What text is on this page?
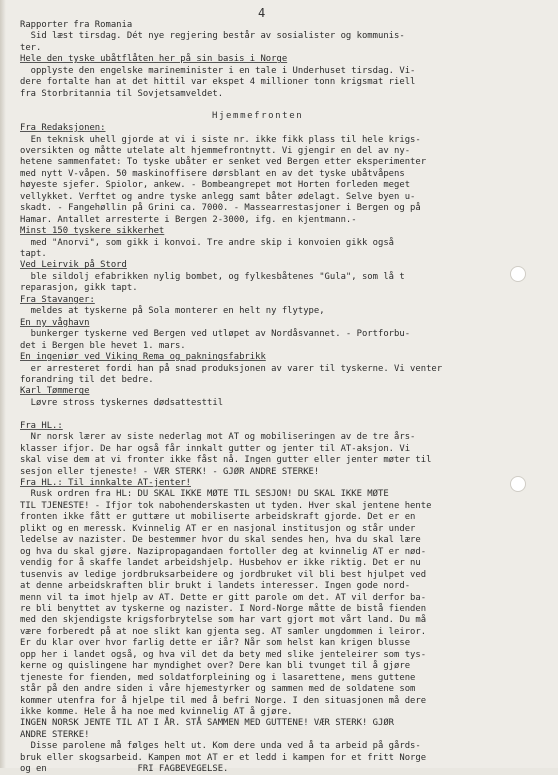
4
Hjemmefronten
Rapporter fra Romania
Sid læst tirsdag. Dét nye regjering består av sosialister og kommunis-
ter.
Hele den tyske ubåtflåten her på sin basis i Norge
opplyste den engelske marineminister i en tale i Underhuset tirsdag. Vi-
dere fortalte han at det hittil var ekspet 4 millioner tonn krigsmat riell
fra Storbritannia til Sovjetsamveldet.
Fra Redaksjonen:
En teknisk uhell gjorde at vi i siste nr. ikke fikk plass til hele krigs-
oversikten og måtte utelate alt hjemmefrontnytt. Vi gjengir en del av ny-
hetene sammenfatet: To tyske ubåter er senket ved Bergen etter eksperimenter
med nytt V-våpen. 50 maskinoffisere dørsblant en av det tyske ubåtvåpens
høyeste sjefer. Spiolor, ankew. - Bombeangrepet mot Horten forleden meget
vellykket. Verftet og andre tyske anlegg samt båter ødelagt. Selve byen u-
skadt. - Fangehøllin på Grini ca. 7000. - Massearrestasjoner i Bergen og på
Hamar. Antallet arresterte i Bergen 2-3000, ifg. en kjentmann.-
Minst 150 tyskere sikkerhet
med "Anorvi", som gikk i konvoi. Tre andre skip i konvoien gikk også
tapt.
Ved Leirvik på Stord
ble sildolj efabrikken nylig bombet, og fylkesbåtenes "Gula", som lå t
reparasjon, gikk tapt.
Fra Stavanger:
meldes at tyskerne på Sola monterer en helt ny flytype,
En ny våghavn
bunkerger tyskerne ved Bergen ved utløpet av Nordåsvannet. - Portforbu-
det i Bergen ble hevet 1. mars.
En ingeniør ved Viking Rema og pakningsfabrikk
er arresteret fordi han på snad produksjonen av varer til tyskerne. Vi venter
forandring til det bedre.
Karl Tømmerge
Løvre stross tyskernes dødsattesttil
Fra HL.:
Nr norsk lærer av siste nederlag mot AT og mobiliseringen av de tre års-
klasser ifjor. De har også får innkalt gutter og jenter til AT-aksjon. Vi
skal vise dem at vi fronter ikke fåst nå. Ingen gutter eller jenter møter til
sesjon eller tjeneste! - VÆR STERK! - GJØR ANDRE STERKE!
Fra HL.: Til innkalte AT-jenter!
Rusk ordren fra HL: DU SKAL IKKE MØTE TIL SESJON! DU SKAL IKKE MØTE
TIL TJENESTE! - Ifjor tok nabohenderskasten ut tyden. Hver skal jentene hente
fronten ikke fått er guttære ut mobiliserte arbeidskraft gjorde. Det er en
plikt og en meressk. Kvinnelig AT er en nasjonal institusjon og står under
ledelse av nazister. De bestemmer hvor du skal sendes hen, hva du skal lære
og hva du skal gjøre. Nazipropagandaen fortoller deg at kvinnelig AT er nød-
vendig for å skaffe landet arbeidshjelp. Husbehov er ikke riktig. Det er nu
tusenvis av ledige jordbruksarbeidere og jordbruket vil bli best hjulpet ved
at denne arbeidskraften blir brukt i landets interesser. Ingen gode nord-
menn vil ta imot hjelp av AT. Dette er gitt parole om det. AT vil derfor ba-
re bli benyttet av tyskerne og nazister. I Nord-Norge måtte de bistå fienden
med den skjendigste krigsforbrytelse som har vart gjort mot vårt land. Du må
være forberedt på at noe slikt kan gjenta seg. AT samler ungdommen i leiror.
Er du klar over hvor farlig dette er iår? Når som helst kan krigen blusse
opp her i landet også, og hva vil det da bety med slike jenteleirer som tys-
kerne og quislingene har myndighet over? Dere kan bli tvunget til å gjøre
tjeneste for fienden, med soldatforpleining og i lasarettene, mens guttene
står på den andre siden i våre hjemestyrker og sammen med de soldatene som
kommer utenfra for å hjelpe til med å befri Norge. I den situasjonen må dere
ikke komme. Hele å ha noe med kvinnelig AT å gjøre.
INGEN NORSK JENTE TIL AT I ÅR. STÅ SAMMEN MED GUTTENE! VÆR STERK! GJØR
ANDRE STERKE!
Disse parolene må følges helt ut. Kom dere unda ved å ta arbeid på gårds-
bruk eller skogsarbeid. Kampen mot AT er et ledd i kampen for et fritt Norge
og en                 FRI FAGBEVEGELSE.
